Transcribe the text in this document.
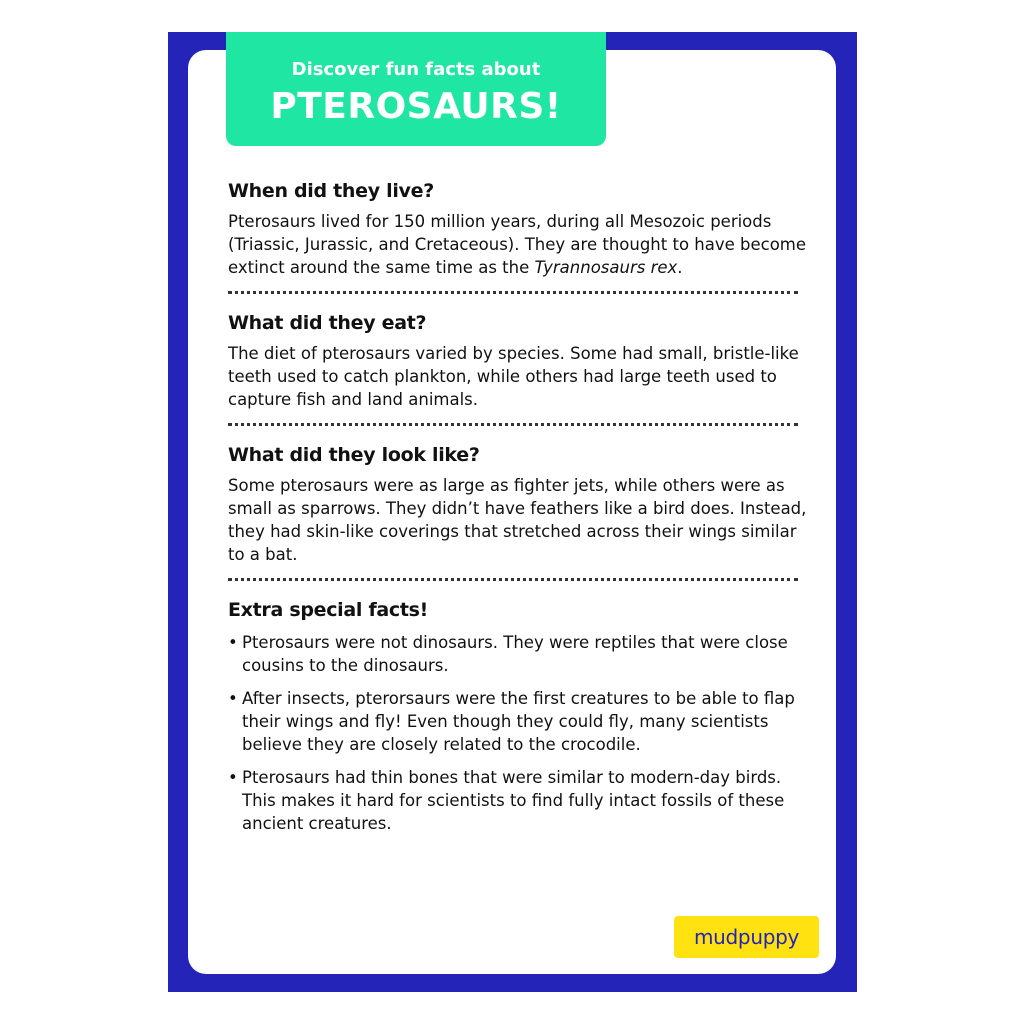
Discover fun facts about
PTEROSAURS!
When did they live?

Pterosaurs lived for 150 million years, during all Mesozoic periods (Triassic, Jurassic, and Cretaceous). They are thought to have become extinct around the same time as the Tyrannosaurs rex.

What did they eat?

The diet of pterosaurs varied by species. Some had small, bristle-like teeth used to catch plankton, while others had large teeth used to capture fish and land animals.

What did they look like?

Some pterosaurs were as large as fighter jets, while others were as small as sparrows. They didn’t have feathers like a bird does. Instead, they had skin-like coverings that stretched across their wings similar to a bat.

Extra special facts!
• Pterosaurs were not dinosaurs. They were reptiles that were close cousins to the dinosaurs.
• After insects, pterorsaurs were the first creatures to be able to flap their wings and fly! Even though they could fly, many scientists believe they are closely related to the crocodile.
• Pterosaurs had thin bones that were similar to modern-day birds. This makes it hard for scientists to find fully intact fossils of these ancient creatures.
mudpuppy
